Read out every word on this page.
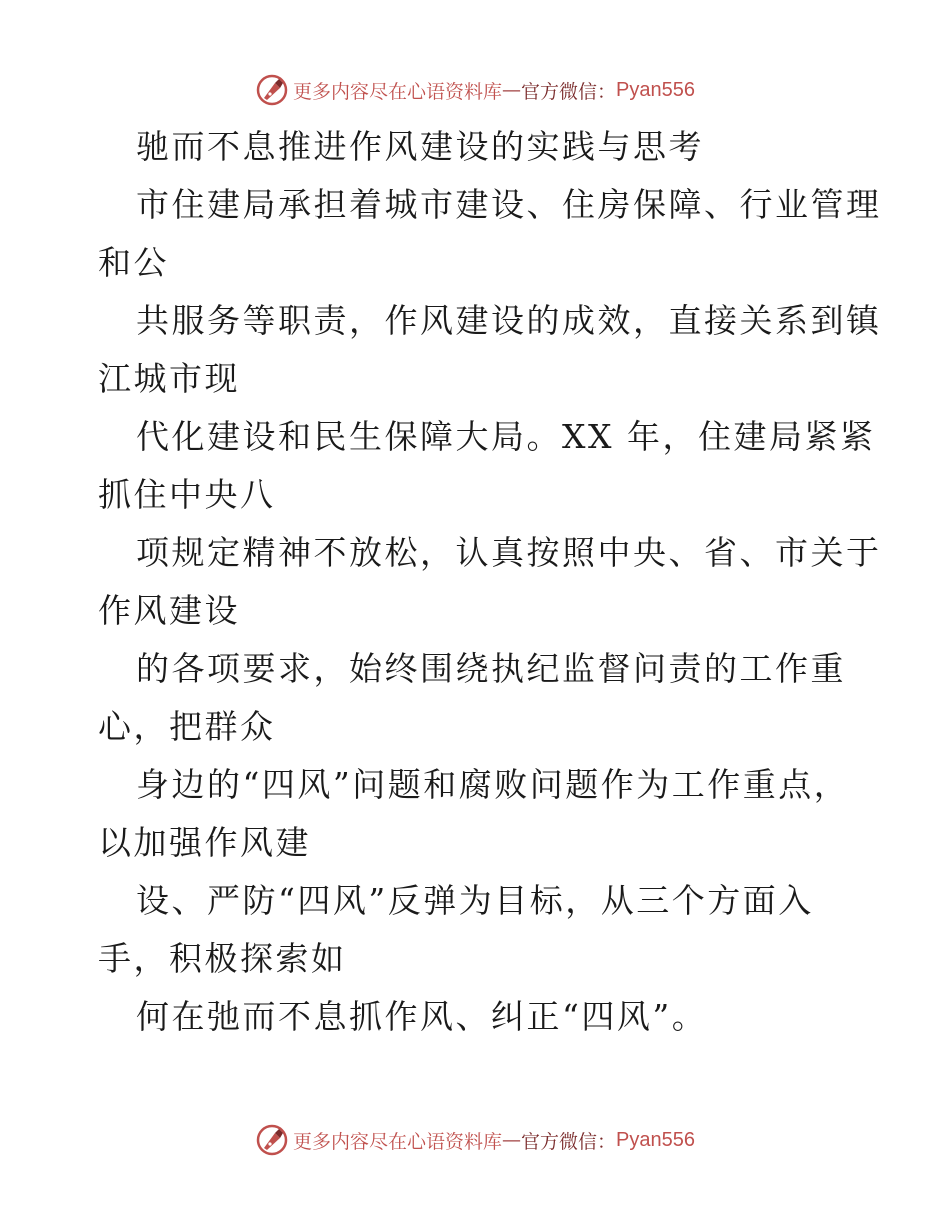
更多内容尽在心语资料库 — 官方微信： Pyan556
驰而不息推进作风建设的实践与思考
市住建局承担着城市建设、住房保障、行业管理
和公
共服务等职责，作风建设的成效，直接关系到镇
江城市现
代化建设和民生保障大局。XX 年，住建局紧紧
抓住中央八
项规定精神不放松，认真按照中央、省、市关于
作风建设
的各项要求，始终围绕执纪监督问责的工作重
心，把群众
身边的“四风”问题和腐败问题作为工作重点，
以加强作风建
设、严防“四风”反弹为目标，从三个方面入
手，积极探索如
何在弛而不息抓作风、纠正“四风”。
更多内容尽在心语资料库 — 官方微信： Pyan556
